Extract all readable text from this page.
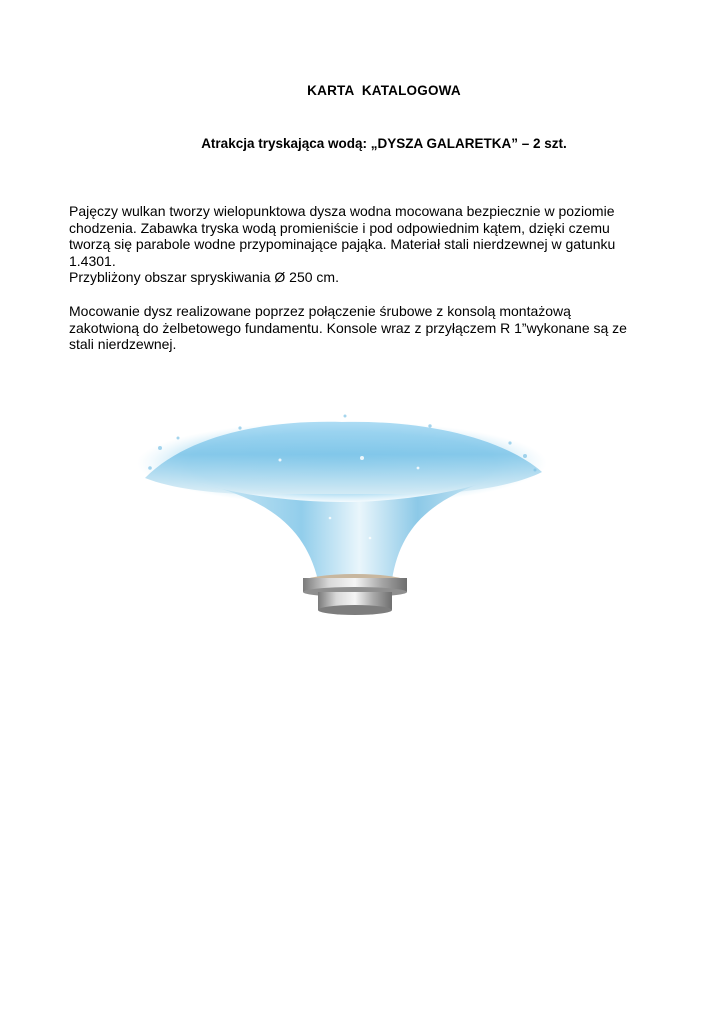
KARTA  KATALOGOWA
Atrakcja tryskająca wodą: „DYSZA GALARETKA” – 2 szt.
Pajęczy wulkan tworzy wielopunktowa dysza wodna mocowana bezpiecznie w poziomie
chodzenia. Zabawka tryska wodą promieniście i pod odpowiednim kątem, dzięki czemu
tworzą się parabole wodne przypominające pająka. Materiał stali nierdzewnej w gatunku
1.4301.
Przybliżony obszar spryskiwania Ø 250 cm.
Mocowanie dysz realizowane poprzez połączenie śrubowe z konsolą montażową
zakotwioną do żelbetowego fundamentu. Konsole wraz z przyłączem R 1”wykonane są ze
stali nierdzewnej.
